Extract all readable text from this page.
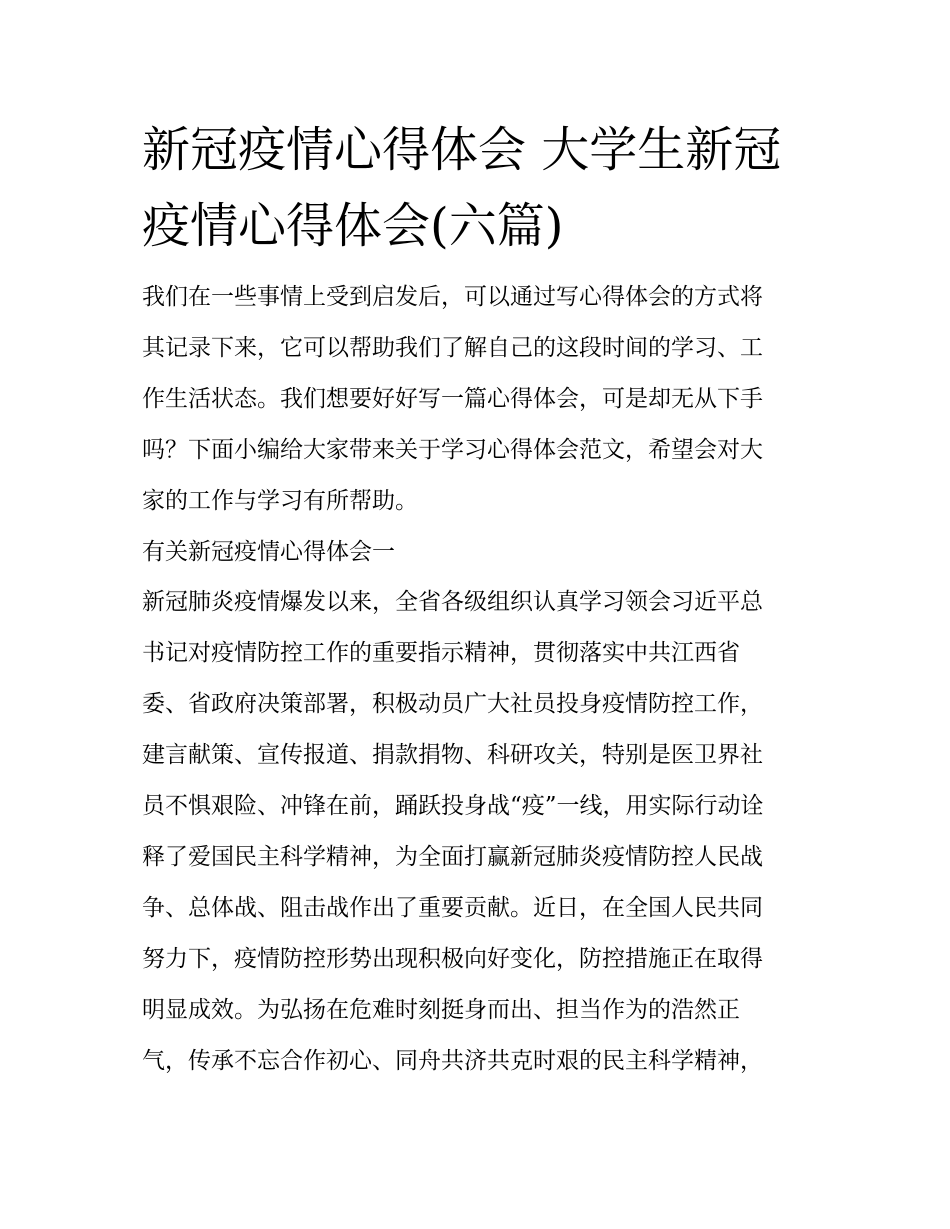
新冠疫情心得体会 大学生新冠
疫情心得体会(六篇)
我们在一些事情上受到启发后，可以通过写心得体会的方式将
其记录下来，它可以帮助我们了解自己的这段时间的学习、工
作生活状态。我们想要好好写一篇心得体会，可是却无从下手
吗？下面小编给大家带来关于学习心得体会范文，希望会对大
家的工作与学习有所帮助。
有关新冠疫情心得体会一
新冠肺炎疫情爆发以来，全省各级组织认真学习领会习近平总
书记对疫情防控工作的重要指示精神，贯彻落实中共江西省
委、省政府决策部署，积极动员广大社员投身疫情防控工作，
建言献策、宣传报道、捐款捐物、科研攻关，特别是医卫界社
员不惧艰险、冲锋在前，踊跃投身战“疫”一线，用实际行动诠
释了爱国民主科学精神，为全面打赢新冠肺炎疫情防控人民战
争、总体战、阻击战作出了重要贡献。近日，在全国人民共同
努力下，疫情防控形势出现积极向好变化，防控措施正在取得
明显成效。为弘扬在危难时刻挺身而出、担当作为的浩然正
气，传承不忘合作初心、同舟共济共克时艰的民主科学精神，
